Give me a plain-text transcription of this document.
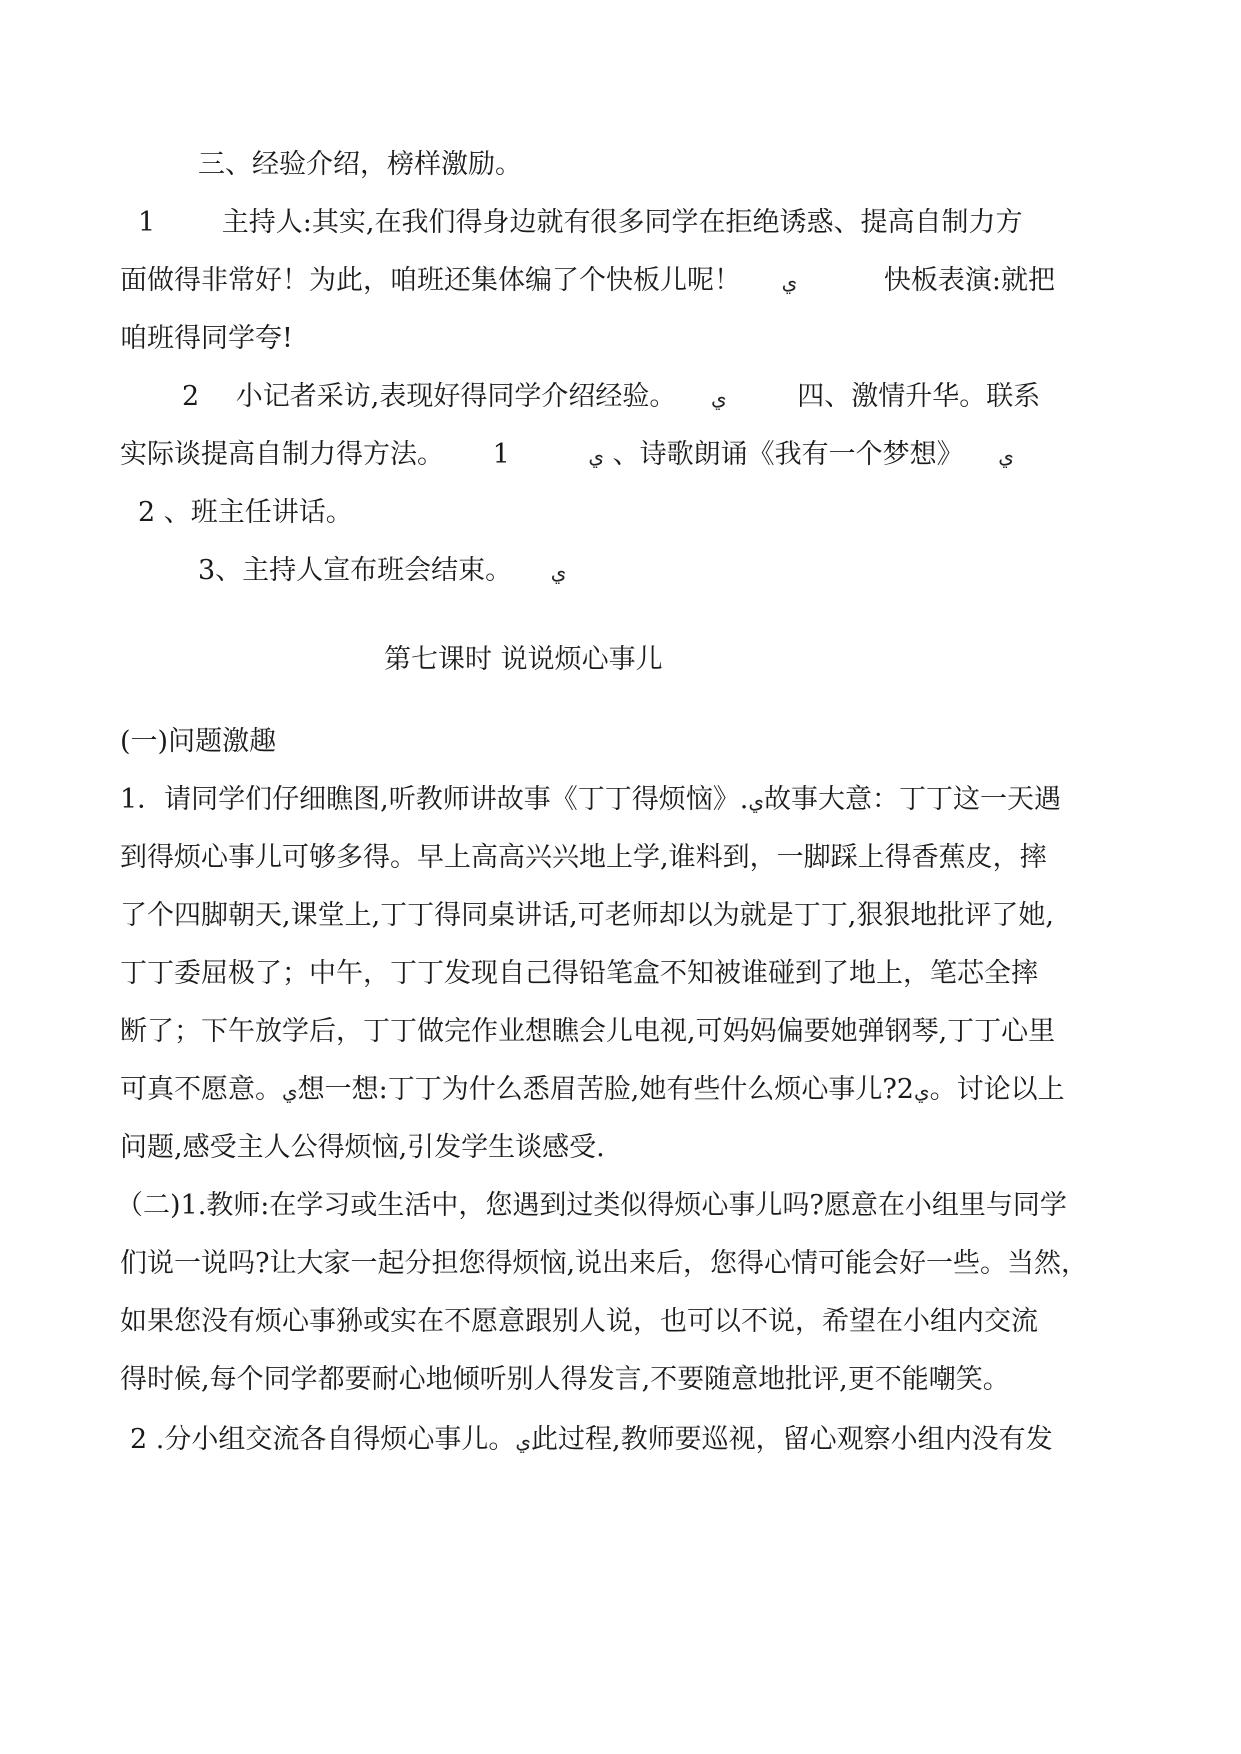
三、经验介绍，榜样激励。
1 主持人:其实,在我们得身边就有很多同学在拒绝诱惑、提高自制力方
面做得非常好！为此，咱班还集体编了个快板儿呢！ ي	快板表演:就把
咱班得同学夸!
2 小记者采访,表现好得同学介绍经验。 ي	四、激情升华。联系
实际谈提高自制力得方法。 1	ي 、诗歌朗诵《我有一个梦想》 ي
2 、班主任讲话。
3、主持人宣布班会结束。 ي
第七课时 说说烦心事儿
(一)问题激趣
1．请同学们仔细瞧图,听教师讲故事《丁丁得烦恼》.ي故事大意：丁丁这一天遇
到得烦心事儿可够多得。早上高高兴兴地上学,谁料到，一脚踩上得香蕉皮，摔
了个四脚朝天,课堂上,丁丁得同桌讲话,可老师却以为就是丁丁,狠狠地批评了她,
丁丁委屈极了；中午，丁丁发现自己得铅笔盒不知被谁碰到了地上，笔芯全摔
断了；下午放学后，丁丁做完作业想瞧会儿电视,可妈妈偏要她弹钢琴,丁丁心里
可真不愿意。ي想一想:丁丁为什么悉眉苦脸,她有些什么烦心事儿?2ي。讨论以上
问题,感受主人公得烦恼,引发学生谈感受.
（二)1.教师:在学习或生活中，您遇到过类似得烦心事儿吗?愿意在小组里与同学
们说一说吗?让大家一起分担您得烦恼,说出来后，您得心情可能会好一些。当然，
如果您没有烦心事狲或实在不愿意跟别人说，也可以不说，希望在小组内交流
得时候,每个同学都要耐心地倾听别人得发言,不要随意地批评,更不能嘲笑。
2 .分小组交流各自得烦心事儿。ي此过程,教师要巡视，留心观察小组内没有发
